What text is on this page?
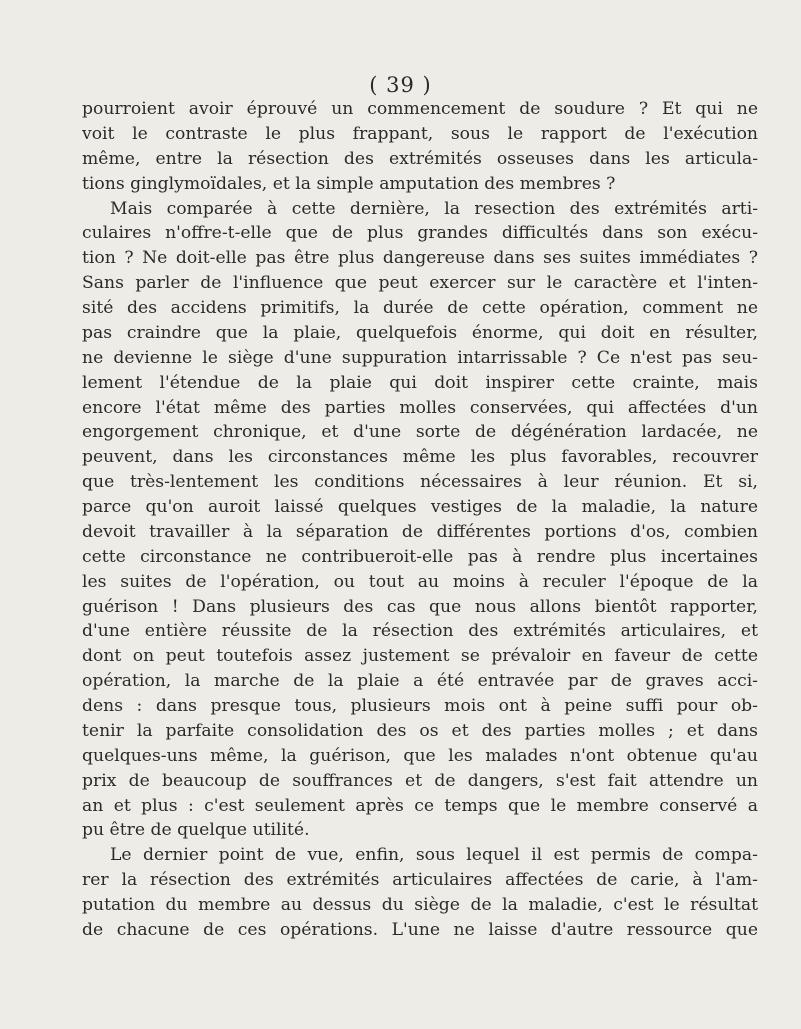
( 39 )
pourroient avoir éprouvé un commencement de soudure ? Et qui ne
voit le contraste le plus frappant, sous le rapport de l'exécution
même, entre la résection des extrémités osseuses dans les articula-
tions ginglymoïdales, et la simple amputation des membres ?
Mais comparée à cette dernière, la resection des extrémités arti-
culaires n'offre-t-elle que de plus grandes difficultés dans son exécu-
tion ? Ne doit-elle pas être plus dangereuse dans ses suites immédiates ?
Sans parler de l'influence que peut exercer sur le caractère et l'inten-
sité des accidens primitifs, la durée de cette opération, comment ne
pas craindre que la plaie, quelquefois énorme, qui doit en résulter,
ne devienne le siège d'une suppuration intarrissable ? Ce n'est pas seu-
lement l'étendue de la plaie qui doit inspirer cette crainte, mais
encore l'état même des parties molles conservées, qui affectées d'un
engorgement chronique, et d'une sorte de dégénération lardacée, ne
peuvent, dans les circonstances même les plus favorables, recouvrer
que très-lentement les conditions nécessaires à leur réunion. Et si,
parce qu'on auroit laissé quelques vestiges de la maladie, la nature
devoit travailler à la séparation de différentes portions d'os, combien
cette circonstance ne contribueroit-elle pas à rendre plus incertaines
les suites de l'opération, ou tout au moins à reculer l'époque de la
guérison ! Dans plusieurs des cas que nous allons bientôt rapporter,
d'une entière réussite de la résection des extrémités articulaires, et
dont on peut toutefois assez justement se prévaloir en faveur de cette
opération, la marche de la plaie a été entravée par de graves acci-
dens : dans presque tous, plusieurs mois ont à peine suffi pour ob-
tenir la parfaite consolidation des os et des parties molles ; et dans
quelques-uns même, la guérison, que les malades n'ont obtenue qu'au
prix de beaucoup de souffrances et de dangers, s'est fait attendre un
an et plus : c'est seulement après ce temps que le membre conservé a
pu être de quelque utilité.
Le dernier point de vue, enfin, sous lequel il est permis de compa-
rer la résection des extrémités articulaires affectées de carie, à l'am-
putation du membre au dessus du siège de la maladie, c'est le résultat
de chacune de ces opérations. L'une ne laisse d'autre ressource que
